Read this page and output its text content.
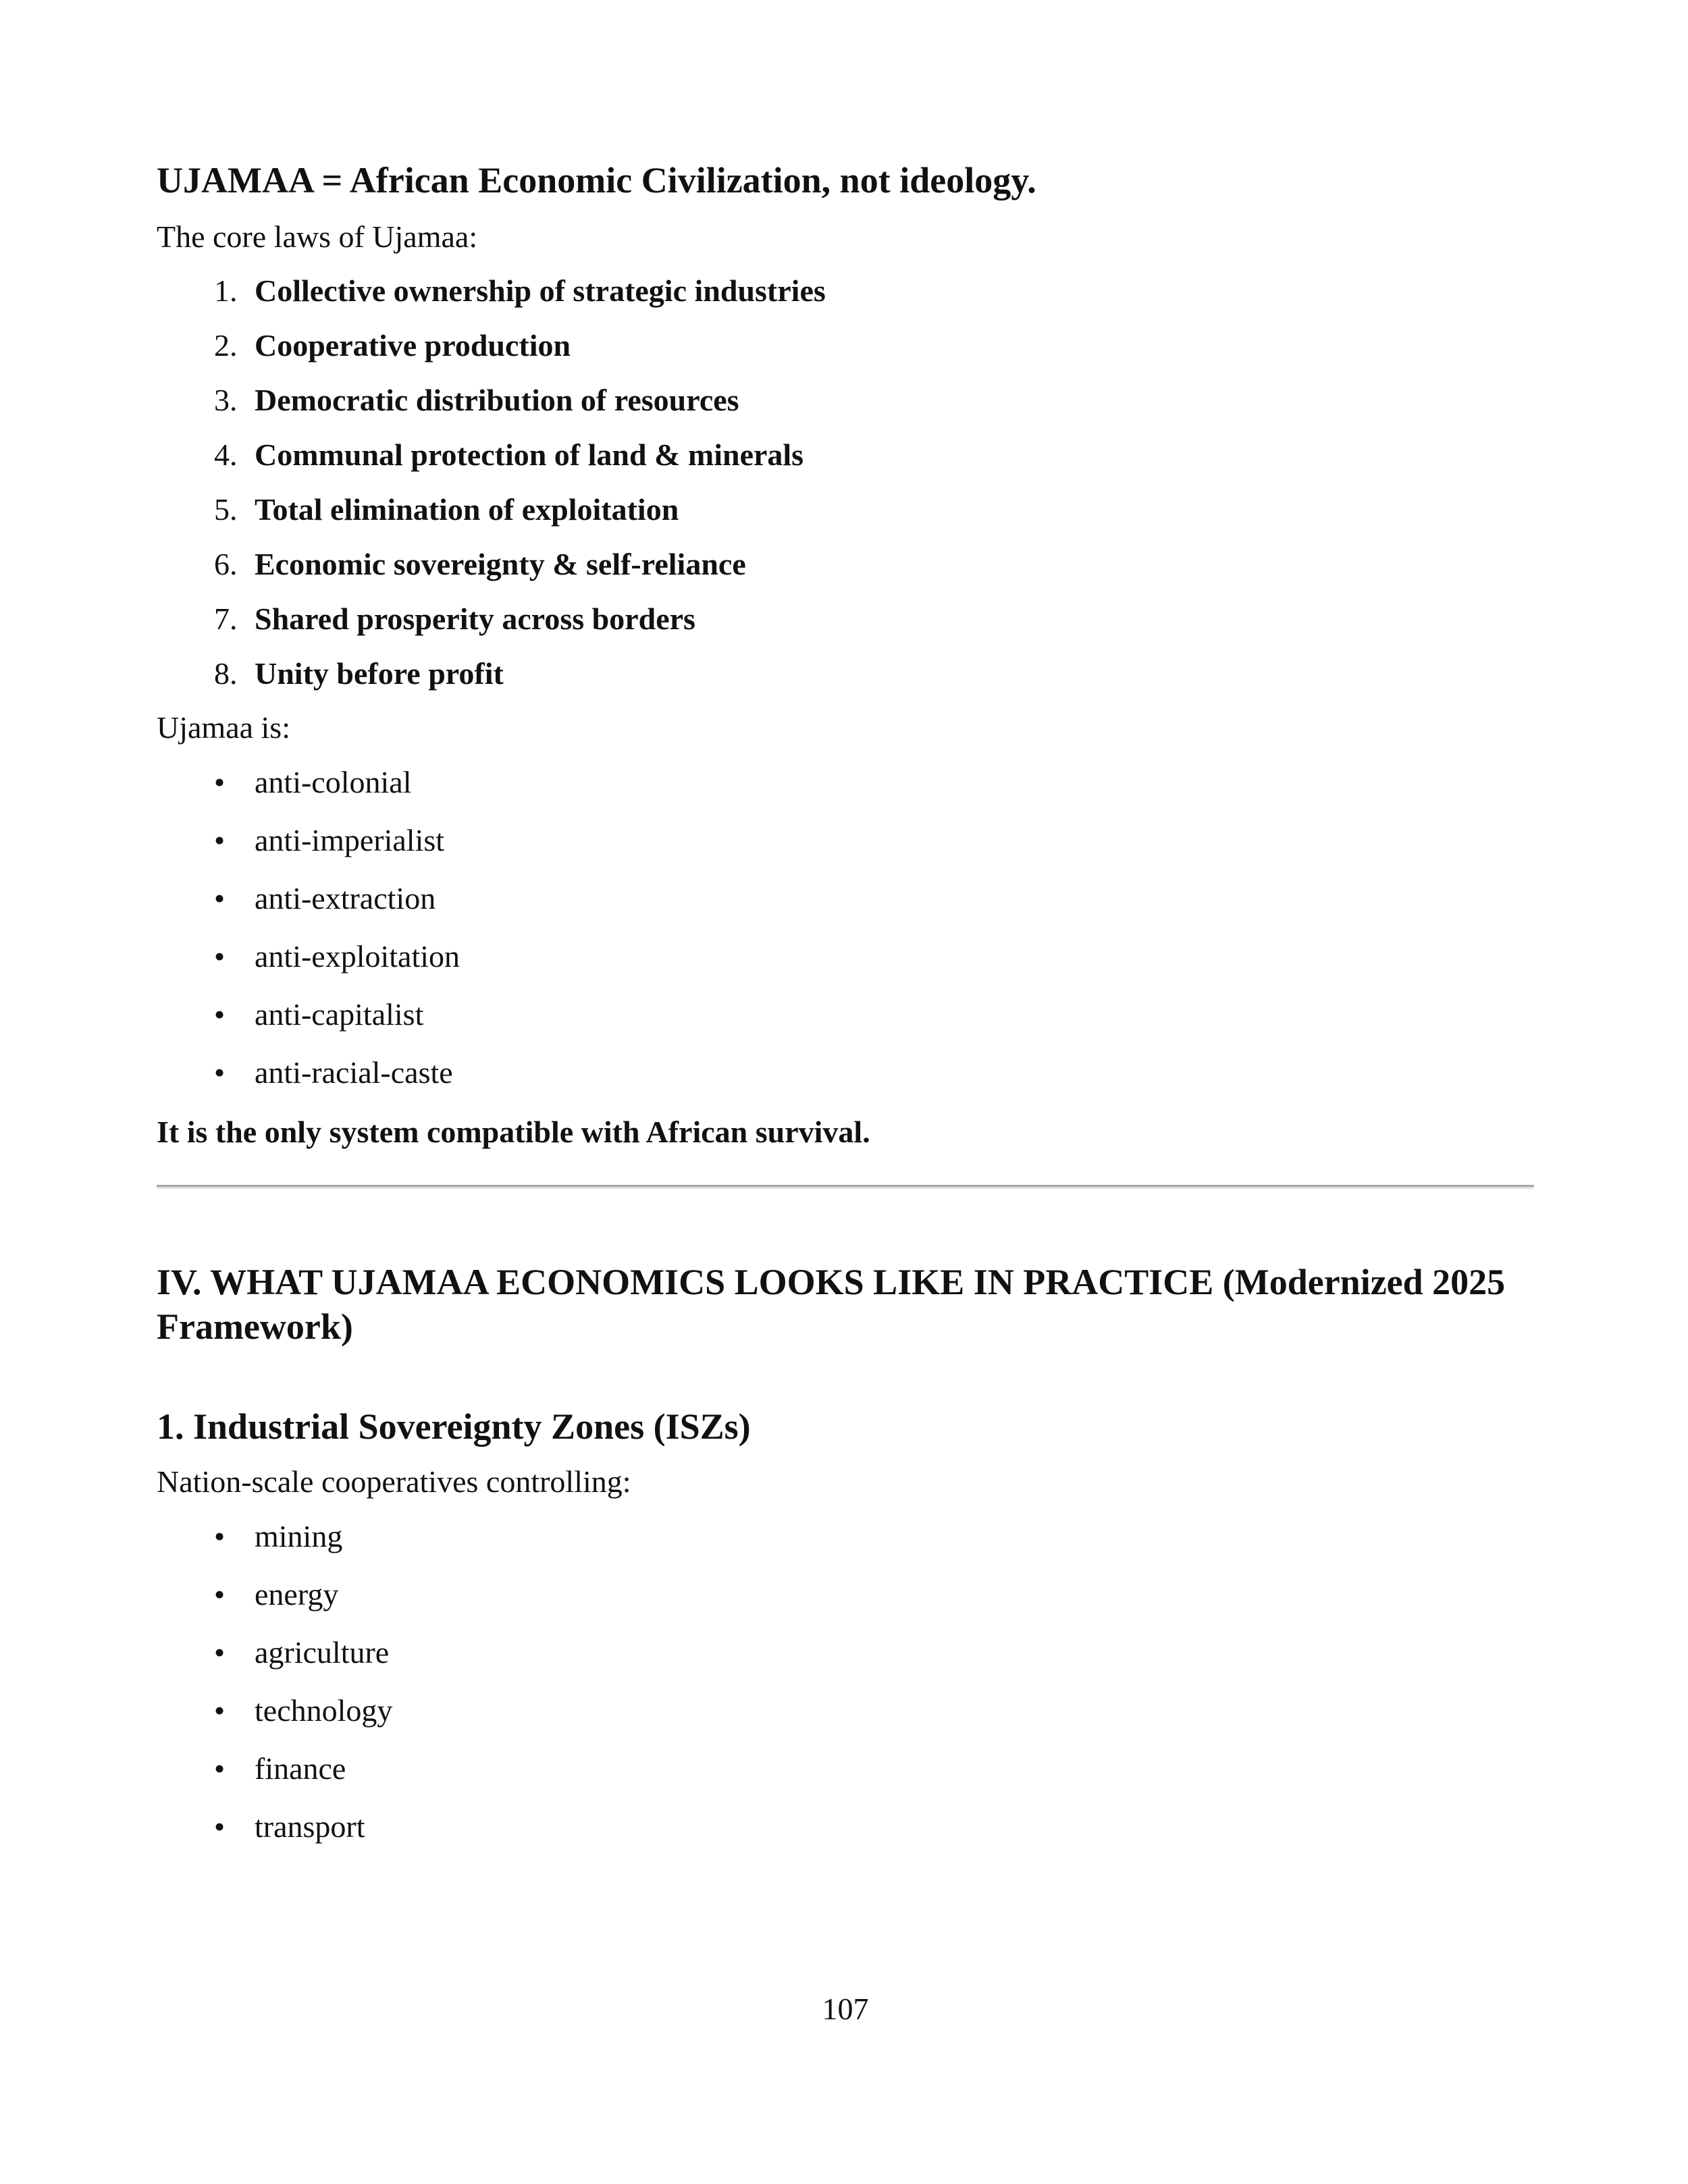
UJAMAA = African Economic Civilization, not ideology.

The core laws of Ujamaa:

1. Collective ownership of strategic industries
2. Cooperative production
3. Democratic distribution of resources
4. Communal protection of land & minerals
5. Total elimination of exploitation
6. Economic sovereignty & self-reliance
7. Shared prosperity across borders
8. Unity before profit

Ujamaa is:

• anti-colonial
• anti-imperialist
• anti-extraction
• anti-exploitation
• anti-capitalist
• anti-racial-caste

It is the only system compatible with African survival.

IV. WHAT UJAMAA ECONOMICS LOOKS LIKE IN PRACTICE (Modernized 2025 Framework)
1. Industrial Sovereignty Zones (ISZs)

Nation-scale cooperatives controlling:

• mining
• energy
• agriculture
• technology
• finance
• transport
107
